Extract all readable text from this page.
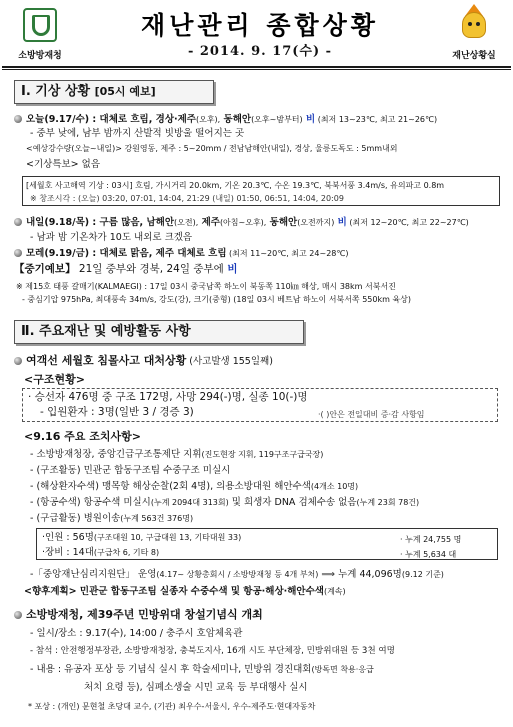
소방방재청
재난관리 종합상황
- 2014. 9. 17(수) -	재난상황실
Ⅰ. 기상 상황 [05시 예보]
오늘(9.17/수) : 대체로 흐림, 경상·제주(오후), 동해안(오후~밤부터) 비 (최저 13~23℃, 최고 21~26℃)
- 중부 낮에, 남부 밤까지 산발적 빗방울 떨어지는 곳
<예상강수량(오늘~내일)> 강원영동, 제주 : 5~20mm / 전남남해안(내일), 경상, 울릉도독도 : 5mm내외
<기상특보> 없음
[세월호 사고해역 기상 : 03시] 흐림, 가시거리 20.0km, 기온 20.3℃, 수온 19.3℃, 북북서풍 3.4m/s, 유의파고 0.8m
※ 창조시각 : (오늘) 03:20, 07:01, 14:04, 21:29 (내일) 01:50, 06:51, 14:04, 20:09
내일(9.18/목) : 구름 많음, 남해안(오전), 제주(아침~오후), 동해안(오전까지) 비 (최저 12~20℃, 최고 22~27℃)
- 남과 밤 기온차가 10도 내외로 크겠음
모레(9.19/금) : 대체로 맑음, 제주 대체로 흐림 (최저 11~20℃, 최고 24~28℃)
【중기예보】 21일 중부와 경북, 24일 중부에 비
※ 제15호 태풍 갈매기(KALMAEGI) : 17일 03시 중국남쪽 하노이 북동쪽 110㎞ 해상, 매시 38km 서북서진
- 중심기압 975hPa, 최대풍속 34m/s, 강도(강), 크기(중형) (18일 03시 베트남 하노이 서북서쪽 550km 육상)
Ⅱ. 주요재난 및 예방활동 사항
여객선 세월호 침몰사고 대처상황 (사고발생 155일째)
<구조현황>
· 승선자 476명 중 구조 172명, 사망 294(-)명, 실종 10(-)명
- 입원환자 : 3명(일반 3 / 경증 3)	·( )안은 전일대비 증·감 사항임
<9.16 주요 조치사항>
- 소방방재청장, 중앙긴급구조통제단 지휘(진도현장 지휘, 119구조구급국장)
- (구조활동) 민관군 합동구조팀 수중구조 미실시
- (해상환자수색) 맹목항 해상순찰(2회 4명), 의용소방대원 해안수색(4개소 10명)
- (항공수색) 항공수색 미실시(누계 2094대 313회) 및 희생자 DNA 검체수송 없음(누계 23회 78건)
- (구급활동) 병원이송(누계 563건 376명)
·인원 : 56명(구조대원 10, 구급대원 13, 기타대원 33)	· 누계 24,755 명
·장비 : 14대(구급차 6, 기타 8)	· 누계 5,634 대
-「중앙재난심리지원단」 운영(4.17~ 상황총회시 / 소방방재청 등 4개 부처) ⟹ 누계 44,096명(9.12 기준)
<향후계획> 민관군 합동구조팀 실종자 수중수색 및 항공·해상·해안수색(계속)
소방방재청, 제39주년 민방위대 창설기념식 개최
- 일시/장소 : 9.17(수), 14:00 / 충주시 호암체육관
- 참석 : 안전행정부장관, 소방방재청장, 충북도지사, 16개 시도 부단체장, 민방위대원 등 3천 여명
- 내용 : 유공자 포상 등 기념식 실시 후 학술세미나, 민방위 경진대회(방독면 착용·응급
처치 요령 등), 심폐소생술 시민 교육 등 부대행사 실시
* 포상 : (개인) 문현철 초당대 교수, (기관) 최우수-서울시, 우수-제주도·현대자동차
